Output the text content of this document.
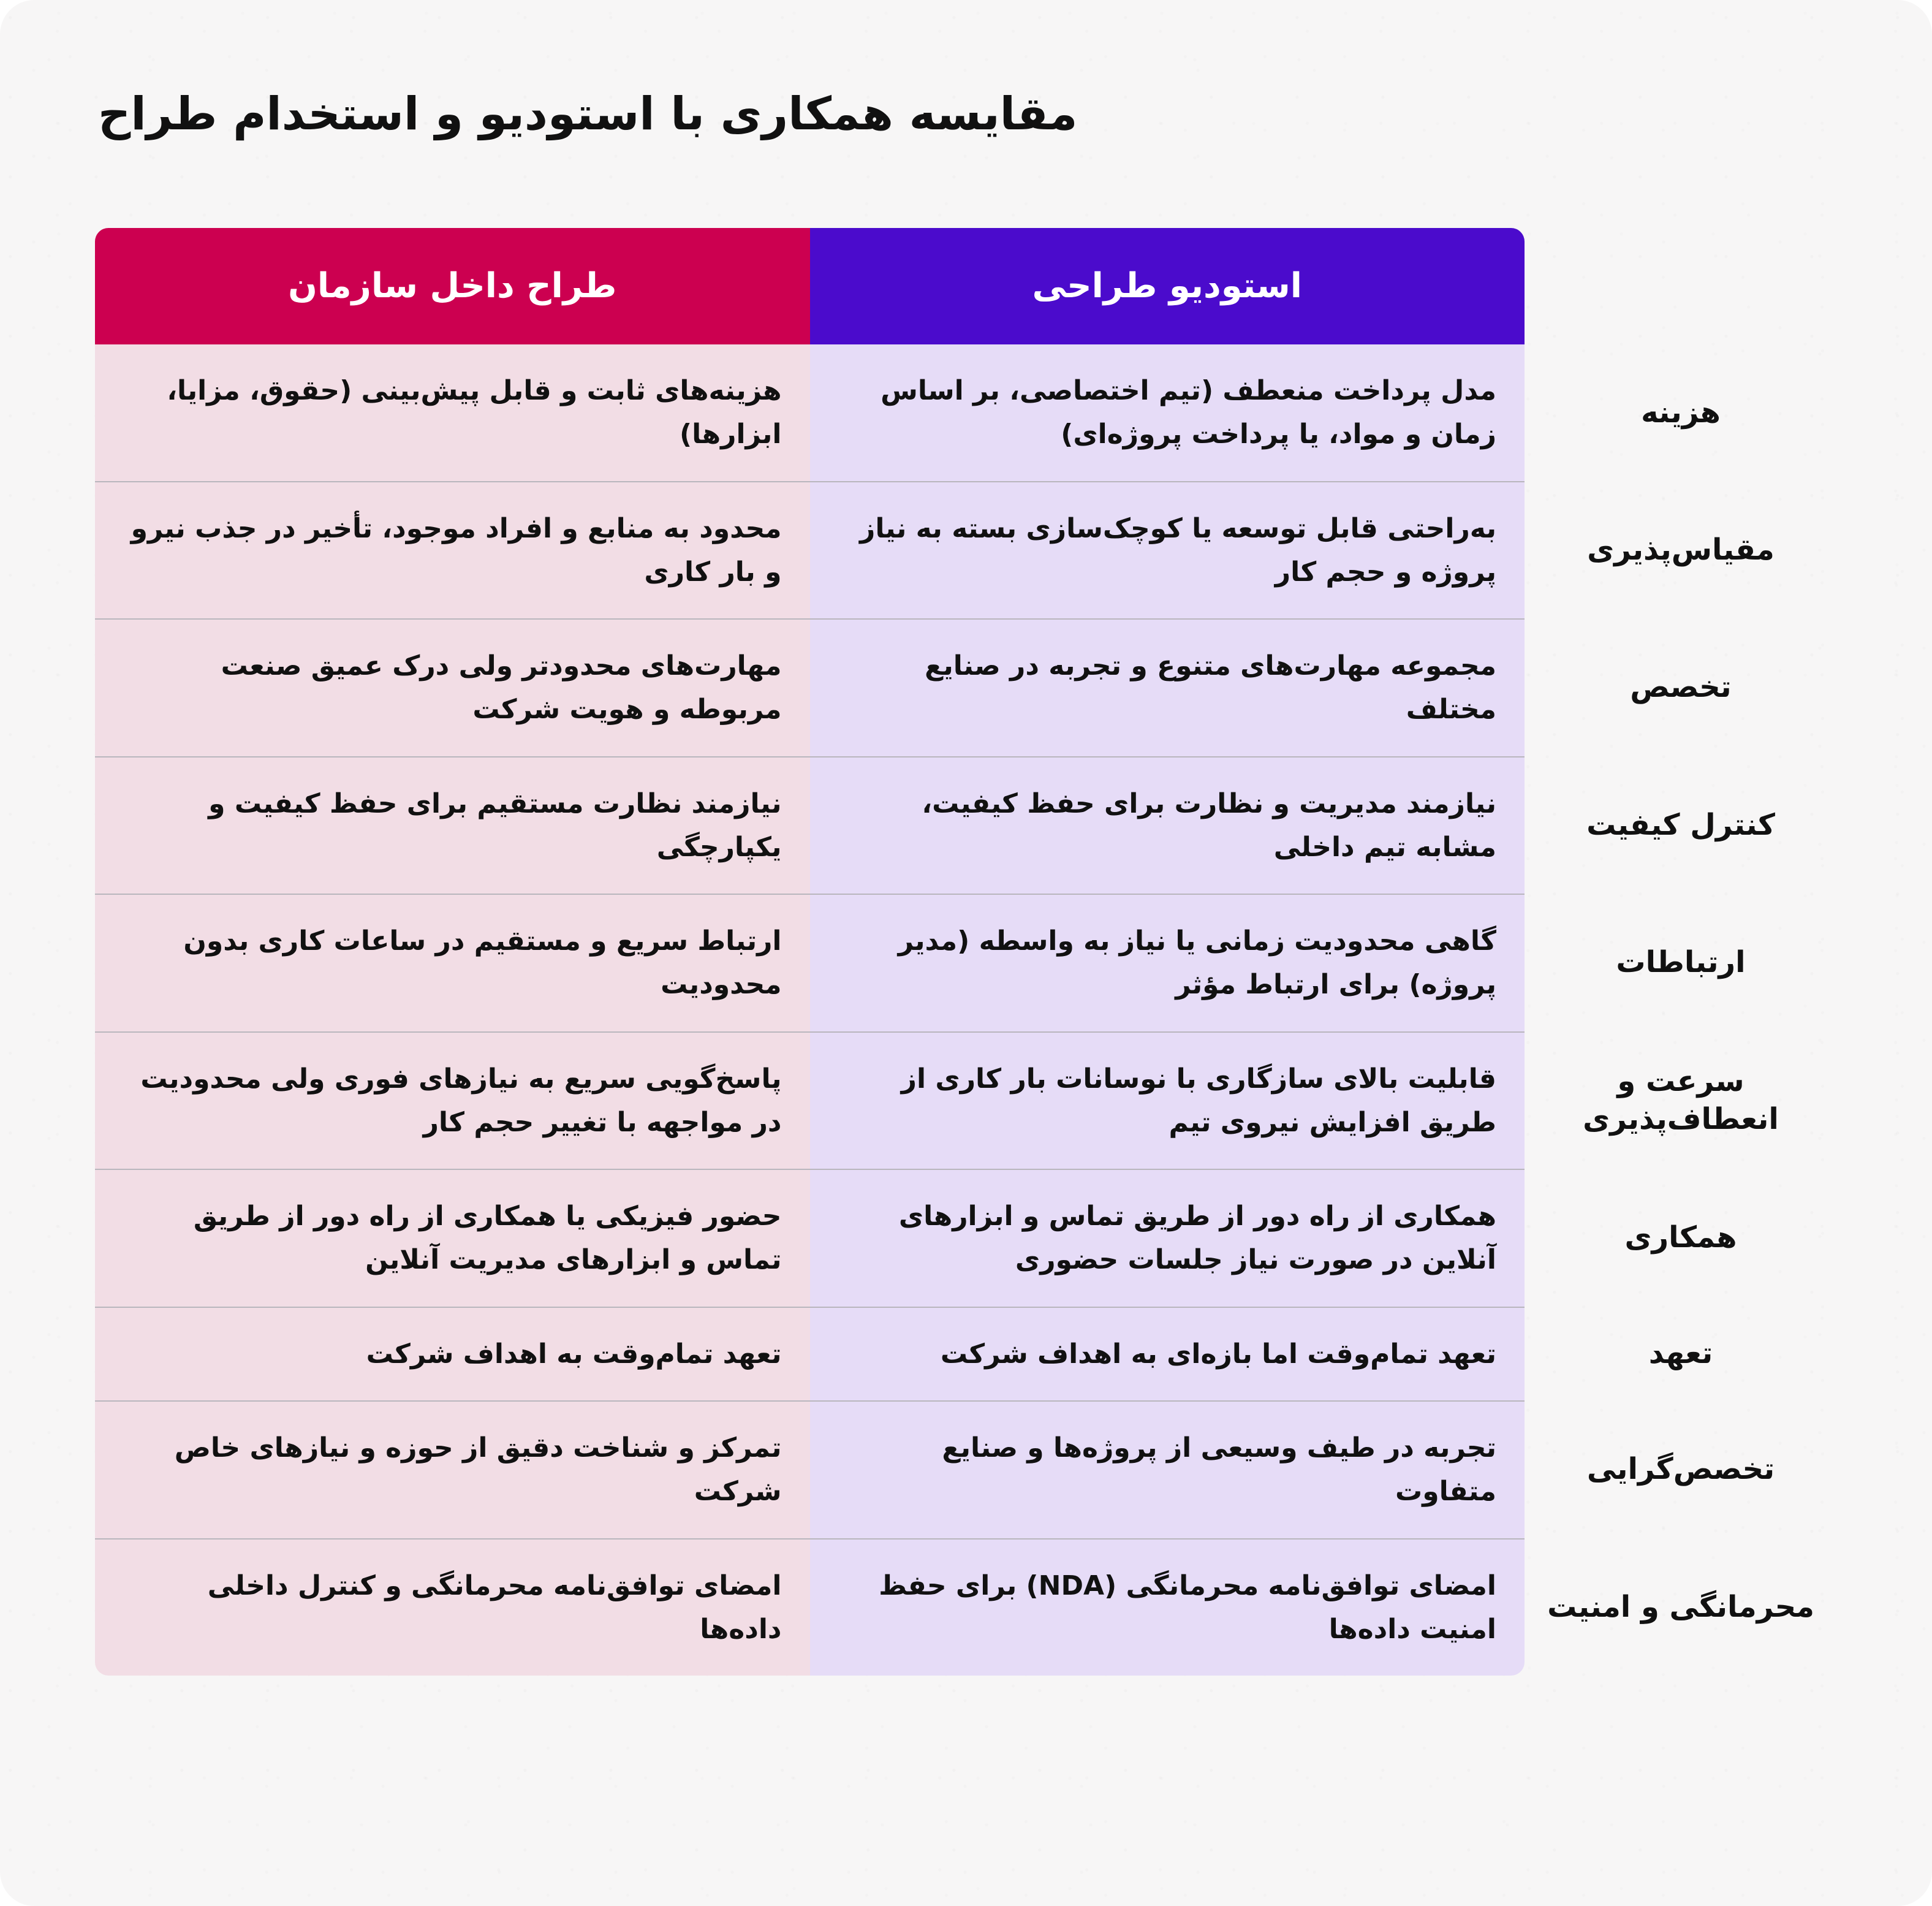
مقایسه همکاری با استودیو و استخدام طراح
	استودیو طراحی	طراح داخل سازمان
هزینه	مدل پرداخت منعطف (تیم اختصاصی، بر اساس زمان و مواد، یا پرداخت پروژه‌ای)	هزینه‌های ثابت و قابل پیش‌بینی (حقوق، مزایا، ابزارها)
مقیاس‌پذیری	به‌راحتی قابل توسعه یا کوچک‌سازی بسته به نیاز پروژه و حجم کار	محدود به منابع و افراد موجود، تأخیر در جذب نیرو و بار کاری
تخصص	مجموعه مهارت‌های متنوع و تجربه در صنایع مختلف	مهارت‌های محدودتر ولی درک عمیق صنعت مربوطه و هویت شرکت
کنترل کیفیت	نیازمند مدیریت و نظارت برای حفظ کیفیت، مشابه تیم داخلی	نیازمند نظارت مستقیم برای حفظ کیفیت و یکپارچگی
ارتباطات	گاهی محدودیت زمانی یا نیاز به واسطه (مدیر پروژه) برای ارتباط مؤثر	ارتباط سریع و مستقیم در ساعات کاری بدون محدودیت
سرعت و انعطاف‌پذیری	قابلیت بالای سازگاری با نوسانات بار کاری از طریق افزایش نیروی تیم	پاسخ‌گویی سریع به نیازهای فوری ولی محدودیت در مواجهه با تغییر حجم کار
همکاری	همکاری از راه دور از طریق تماس و ابزارهای آنلاین در صورت نیاز جلسات حضوری	حضور فیزیکی یا همکاری از راه دور از طریق تماس و ابزارهای مدیریت آنلاین
تعهد	تعهد تمام‌وقت اما بازه‌ای به اهداف شرکت	تعهد تمام‌وقت به اهداف شرکت
تخصص‌گرایی	تجربه در طیف وسیعی از پروژه‌ها و صنایع متفاوت	تمرکز و شناخت دقیق از حوزه و نیازهای خاص شرکت
محرمانگی و امنیت	امضای توافق‌نامه محرمانگی (NDA) برای حفظ امنیت داده‌ها	امضای توافق‌نامه محرمانگی و کنترل داخلی داده‌ها
